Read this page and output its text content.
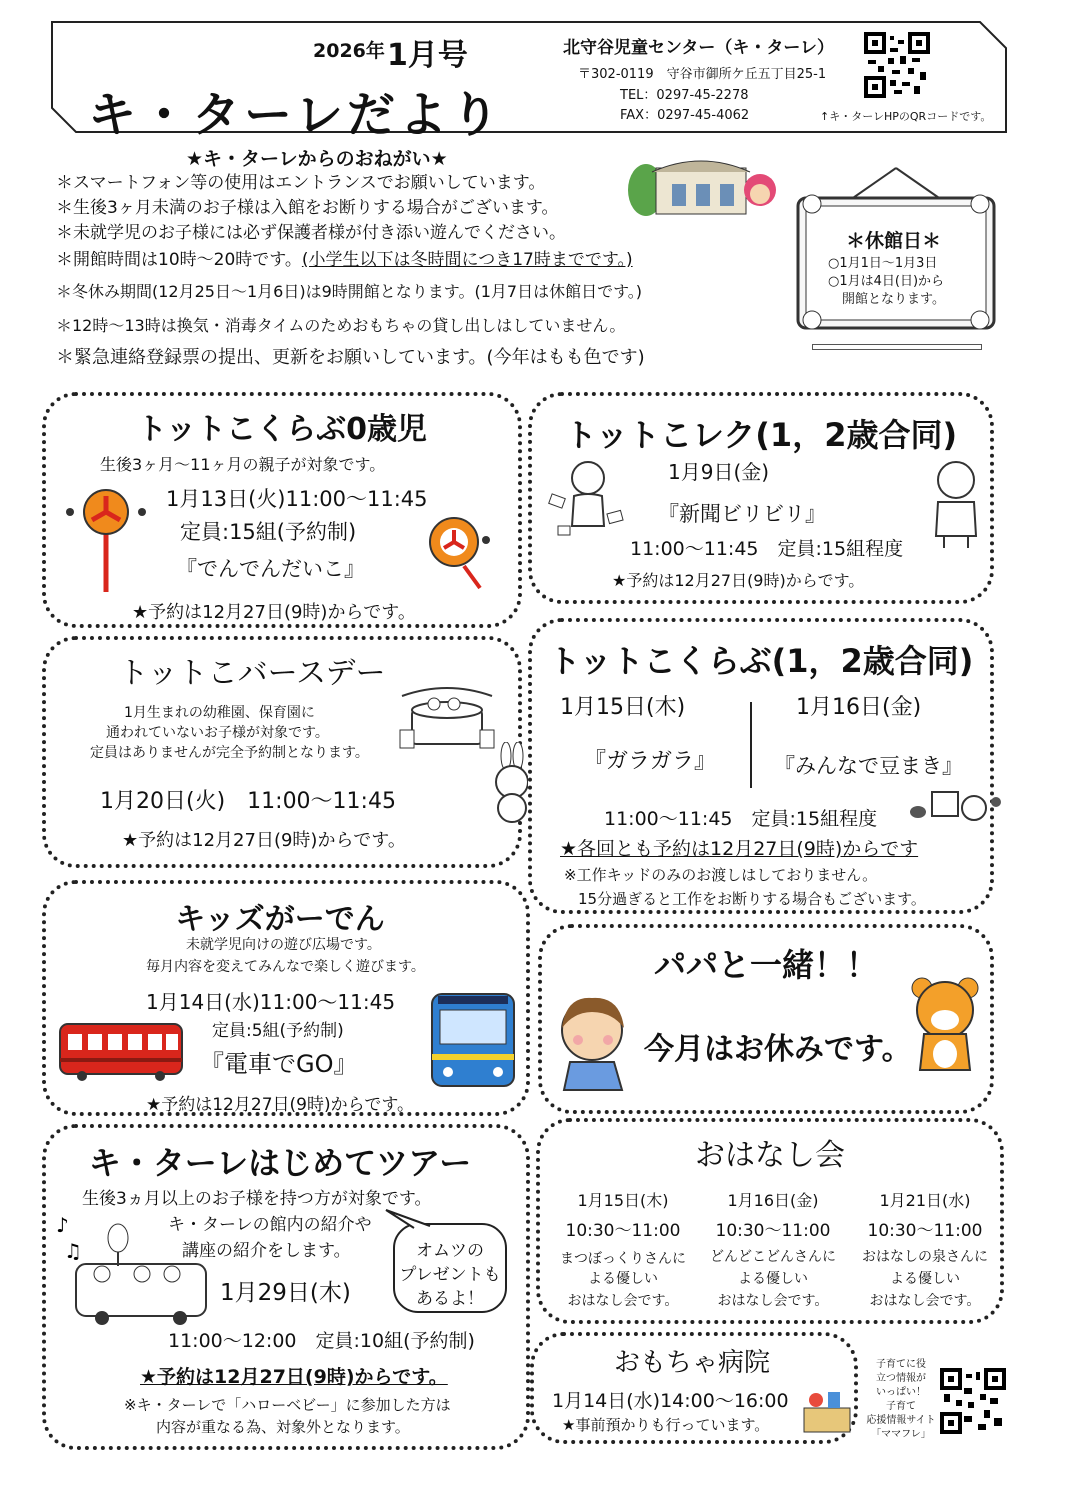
2026年 1月号
キ・ターレだより
北守谷児童センター（キ・ターレ）
〒302-0119　守谷市御所ケ丘五丁目25-1
TEL：0297-45-2278
FAX：0297-45-4062	↑キ・ターレHPのQRコードです。
★キ・ターレからのおねがい★
＊スマートフォン等の使用はエントランスでお願いしています。
＊生後3ヶ月未満のお子様は入館をお断りする場合がございます。
＊未就学児のお子様には必ず保護者様が付き添い遊んでください。
＊開館時間は10時〜20時です。(小学生以下は冬時間につき17時までです。)
＊冬休み期間(12月25日〜1月6日)は9時開館となります。(1月7日は休館日です。)
＊12時〜13時は換気・消毒タイムのためおもちゃの貸し出しはしていません。
＊緊急連絡登録票の提出、更新をお願いしています。(今年はもも色です)
＊休館日＊
○1月1日〜1月3日
○1月は4日(日)から
開館となります。
トットこくらぶ0歳児
生後3ヶ月〜11ヶ月の親子が対象です。
1月13日(火)11:00〜11:45
定員:15組(予約制)
『でんでんだいこ』
★予約は12月27日(9時)からです。
トットこレク(1，2歳合同)
1月9日(金)
『新聞ビリビリ』
11:00〜11:45　定員:15組程度
★予約は12月27日(9時)からです。
トットこバースデー
1月生まれの幼稚園、保育園に
通われていないお子様が対象です。
定員はありませんが完全予約制となります。
1月20日(火)　11:00〜11:45
★予約は12月27日(9時)からです。
トットこくらぶ(1，2歳合同)
1月15日(木)	1月16日(金)
『ガラガラ』	『みんなで豆まき』
11:00〜11:45　定員:15組程度
★各回とも予約は12月27日(9時)からです
※工作キッドのみのお渡しはしておりません。
15分過ぎると工作をお断りする場合もございます。
キッズがーでん
未就学児向けの遊び広場です。
毎月内容を変えてみんなで楽しく遊びます。
1月14日(水)11:00〜11:45
定員:5組(予約制)
『電車でGO』
★予約は12月27日(9時)からです。
パパと一緒！！
今月はお休みです。
キ・ターレはじめてツアー
生後3ヵ月以上のお子様を持つ方が対象です。
キ・ターレの館内の紹介や
講座の紹介をします。	オムツの
プレゼントも
あるよ！
1月29日(木)
11:00〜12:00　定員:10組(予約制)
★予約は12月27日(9時)からです。
※キ・ターレで「ハローベビー」に参加した方は
内容が重なる為、対象外となります。
♪
♫
おはなし会
1月15日(木)
10:30〜11:00
まつぼっくりさんに
よる優しい
おはなし会です。
1月16日(金)
10:30〜11:00
どんどこどんさんに
よる優しい
おはなし会です。
1月21日(水)
10:30〜11:00
おはなしの泉さんに
よる優しい
おはなし会です。
おもちゃ病院
1月14日(水)14:00〜16:00
★事前預かりも行っています。
子育てに役
立つ情報が
いっぱい！
子育て
応援情報サイト
「ママフレ」
